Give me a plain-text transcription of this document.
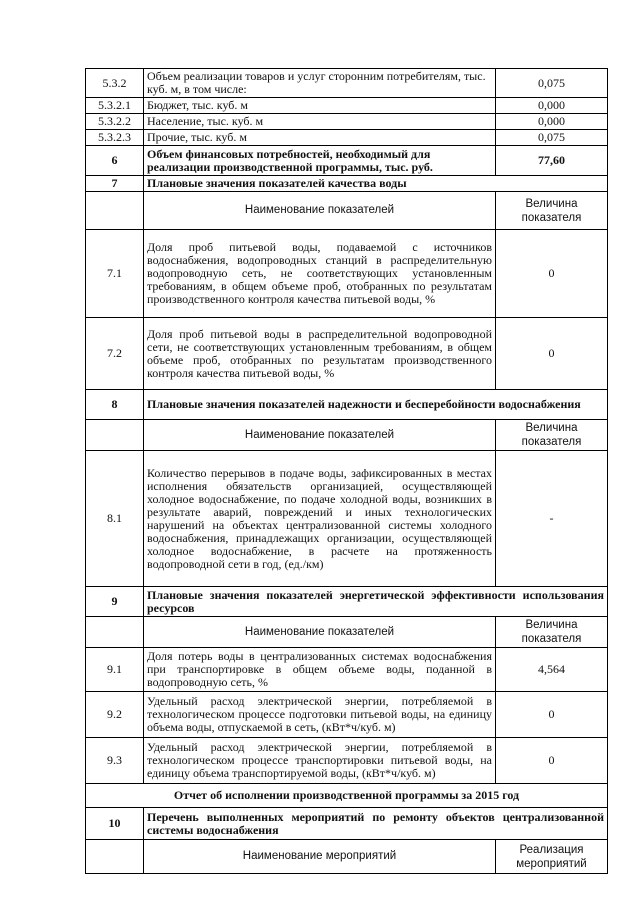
5.3.2	Объем реализации товаров и услуг сторонним потребителям, тыс. куб. м, в том числе:	0,075
5.3.2.1	Бюджет, тыс. куб. м	0,000
5.3.2.2	Население, тыс. куб. м	0,000
5.3.2.3	Прочие, тыс. куб. м	0,075
6	Объем финансовых потребностей, необходимый для реализации производственной программы, тыс. руб.	77,60
7	Плановые значения показателей качества воды	
	Наименование показателей	Величина показателя
7.1	Доля проб питьевой воды, подаваемой с источников водоснабжения, водопроводных станций в распределительную водопроводную сеть, не соответствующих установленным требованиям, в общем объеме проб, отобранных по результатам производственного контроля качества питьевой воды, %	0
7.2	Доля проб питьевой воды в распределительной водопроводной сети, не соответствующих установленным требованиям, в общем объеме проб, отобранных по результатам производственного контроля качества питьевой воды, %	0
8	Плановые значения показателей надежности и бесперебойности водоснабжения	
	Наименование показателей	Величина показателя
8.1	Количество перерывов в подаче воды, зафиксированных в местах исполнения обязательств организацией, осуществляющей холодное водоснабжение, по подаче холодной воды, возникших в результате аварий, повреждений и иных технологических нарушений на объектах централизованной системы холодного водоснабжения, принадлежащих организации, осуществляющей холодное водоснабжение, в расчете на протяженность водопроводной сети в год, (ед./км)	-
9	Плановые значения показателей энергетической эффективности использования ресурсов	
	Наименование показателей	Величина показателя
9.1	Доля потерь воды в централизованных системах водоснабжения при транспортировке в общем объеме воды, поданной в водопроводную сеть, %	4,564
9.2	Удельный расход электрической энергии, потребляемой в технологическом процессе подготовки питьевой воды, на единицу объема воды, отпускаемой в сеть, (кВт*ч/куб. м)	0
9.3	Удельный расход электрической энергии, потребляемой в технологическом процессе транспортировки питьевой воды, на единицу объема транспортируемой воды, (кВт*ч/куб. м)	0
Отчет об исполнении производственной программы за 2015 год		
10	Перечень выполненных мероприятий по ремонту объектов централизованной системы водоснабжения	
	Наименование мероприятий	Реализация мероприятий
